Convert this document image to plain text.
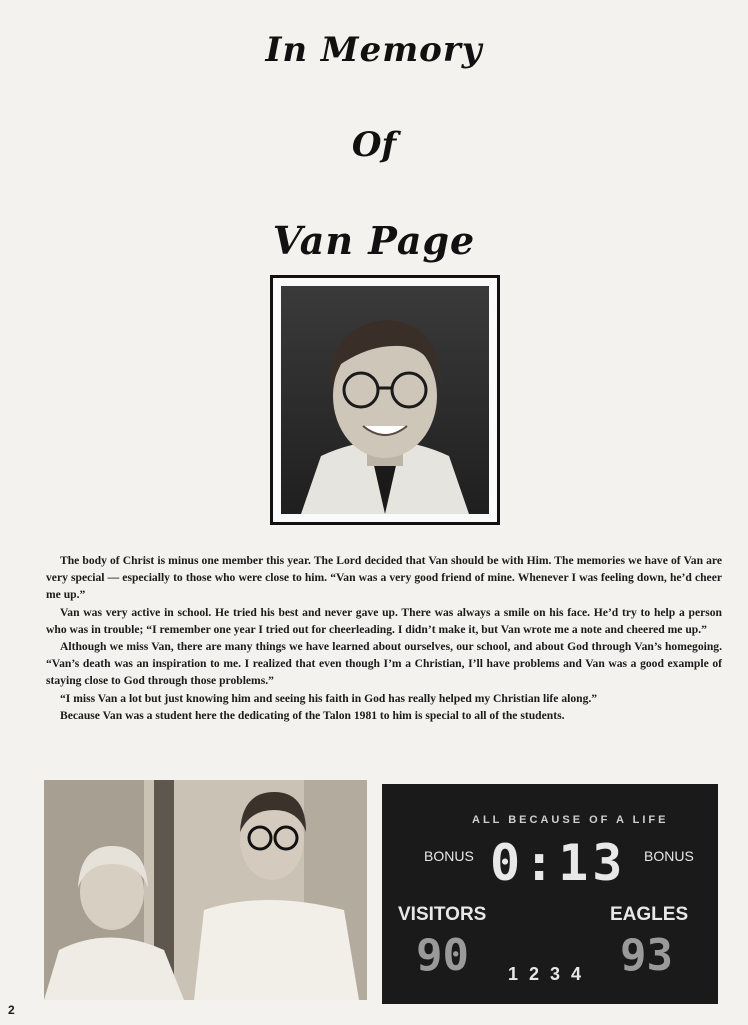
In Memory
Of
Van Page

The body of Christ is minus one member this year. The Lord decided that Van should be with Him. The memories we have of Van are very special — especially to those who were close to him. “Van was a very good friend of mine. Whenever I was feeling down, he’d cheer me up.”

Van was very active in school. He tried his best and never gave up. There was always a smile on his face. He’d try to help a person who was in trouble; “I remember one year I tried out for cheerleading. I didn’t make it, but Van wrote me a note and cheered me up.”

Although we miss Van, there are many things we have learned about ourselves, our school, and about God through Van’s homegoing. “Van’s death was an inspiration to me. I realized that even though I’m a Christian, I’ll have problems and Van was a good example of staying close to God through those problems.”

“I miss Van a lot but just knowing him and seeing his faith in God has really helped my Christian life along.”

Because Van was a student here the dedicating of the Talon 1981 to him is special to all of the students.

ALL BECAUSE OF A LIFE
BONUS	BONUS
0:13
VISITORS	EAGLES
90	93
1 2 3 4
2
